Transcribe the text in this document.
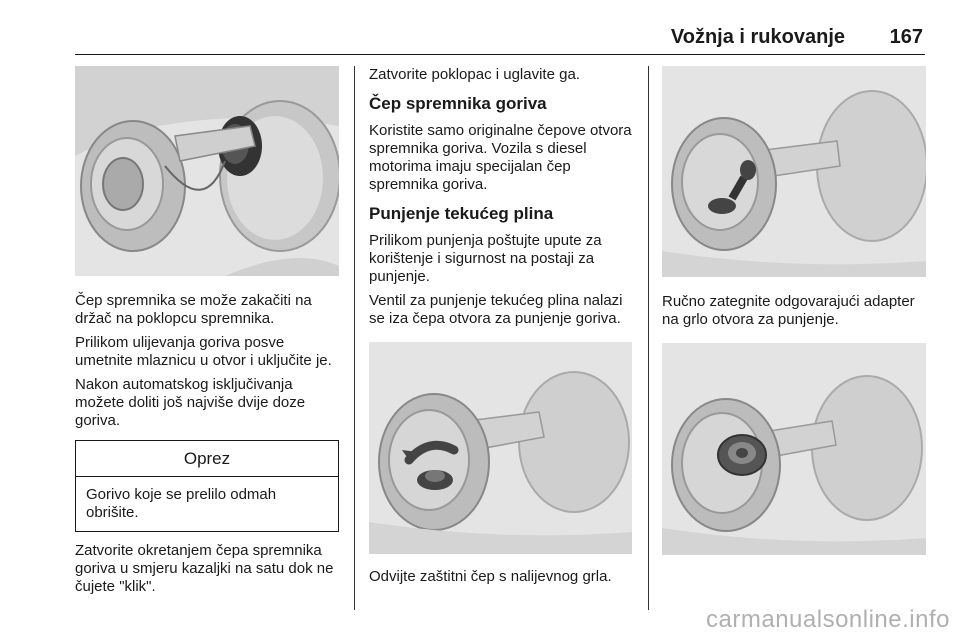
Vožnja i rukovanje 167

Čep spremnika se može zakačiti na držač na poklopcu spremnika.

Prilikom ulijevanja goriva posve umetnite mlaznicu u otvor i uključite je.

Nakon automatskog isključivanja možete doliti još najviše dvije doze goriva.

Oprez
Gorivo koje se prelilo odmah obrišite.

Zatvorite okretanjem čepa spremnika goriva u smjeru kazaljki na satu dok ne čujete "klik".

Zatvorite poklopac i uglavite ga.

Čep spremnika goriva

Koristite samo originalne čepove otvora spremnika goriva. Vozila s diesel motorima imaju specijalan čep spremnika goriva.

Punjenje tekućeg plina

Prilikom punjenja poštujte upute za korištenje i sigurnost na postaji za punjenje.

Ventil za punjenje tekućeg plina nalazi se iza čepa otvora za punjenje goriva.

Odvijte zaštitni čep s nalijevnog grla.

Ručno zategnite odgovarajući adapter na grlo otvora za punjenje.

carmanualsonline.info
